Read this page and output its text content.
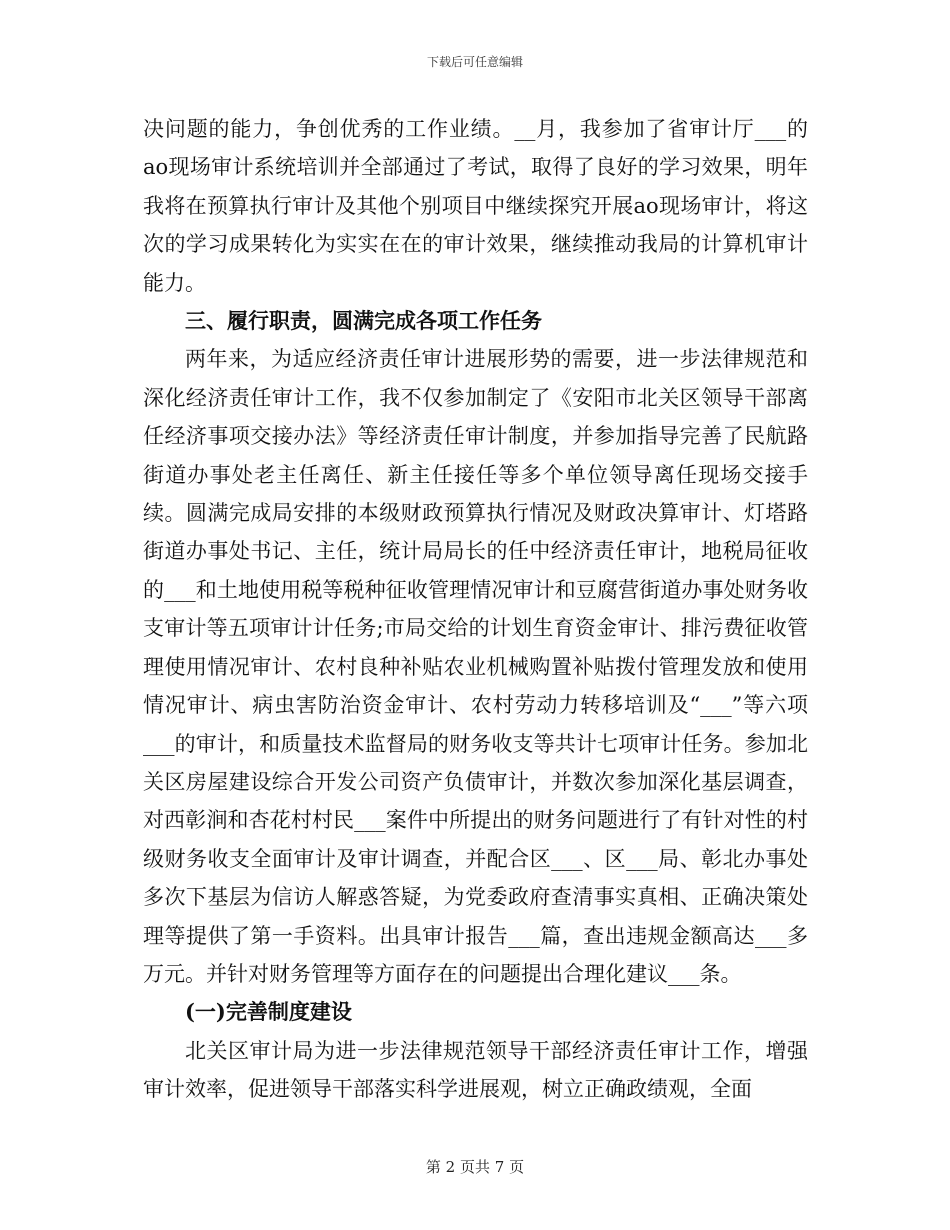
下载后可任意编辑

决问题的能力，争创优秀的工作业绩。__月，我参加了省审计厅___的ao现场审计系统培训并全部通过了考试，取得了良好的学习效果，明年我将在预算执行审计及其他个别项目中继续探究开展ao现场审计，将这次的学习成果转化为实实在在的审计效果，继续推动我局的计算机审计能力。

三、履行职责，圆满完成各项工作任务

两年来，为适应经济责任审计进展形势的需要，进一步法律规范和深化经济责任审计工作，我不仅参加制定了《安阳市北关区领导干部离任经济事项交接办法》等经济责任审计制度，并参加指导完善了民航路街道办事处老主任离任、新主任接任等多个单位领导离任现场交接手续。圆满完成局安排的本级财政预算执行情况及财政决算审计、灯塔路街道办事处书记、主任，统计局局长的任中经济责任审计，地税局征收的___和土地使用税等税种征收管理情况审计和豆腐营街道办事处财务收支审计等五项审计计任务;市局交给的计划生育资金审计、排污费征收管理使用情况审计、农村良种补贴农业机械购置补贴拨付管理发放和使用情况审计、病虫害防治资金审计、农村劳动力转移培训及“___”等六项___的审计，和质量技术监督局的财务收支等共计七项审计任务。参加北关区房屋建设综合开发公司资产负债审计，并数次参加深化基层调查，对西彰涧和杏花村村民___案件中所提出的财务问题进行了有针对性的村级财务收支全面审计及审计调查，并配合区___、区___局、彰北办事处多次下基层为信访人解惑答疑，为党委政府查清事实真相、正确决策处理等提供了第一手资料。出具审计报告___篇，查出违规金额高达___多万元。并针对财务管理等方面存在的问题提出合理化建议___条。

(一)完善制度建设

北关区审计局为进一步法律规范领导干部经济责任审计工作，增强审计效率，促进领导干部落实科学进展观，树立正确政绩观，全面

第 2 页共 7 页
